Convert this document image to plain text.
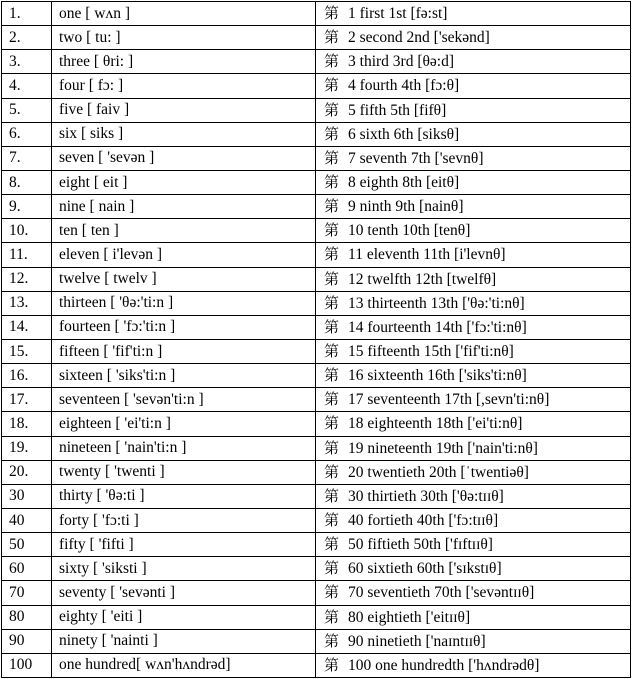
1.	one [ wʌn ]	第 1 first 1st [fə:st]
2.	two [ tu: ]	第 2 second 2nd ['sekənd]
3.	three [ θri: ]	第 3 third 3rd [θə:d]
4.	four [ fɔ: ]	第 4 fourth 4th [fɔ:θ]
5.	five [ faiv ]	第 5 fifth 5th [fifθ]
6.	six [ siks ]	第 6 sixth 6th [siksθ]
7.	seven [ 'sevən ]	第 7 seventh 7th ['sevnθ]
8.	eight [ eit ]	第 8 eighth 8th [eitθ]
9.	nine [ nain ]	第 9 ninth 9th [nainθ]
10.	ten [ ten ]	第 10 tenth 10th [tenθ]
11.	eleven [ i'levən ]	第 11 eleventh 11th [i'levnθ]
12.	twelve [ twelv ]	第 12 twelfth 12th [twelfθ]
13.	thirteen [ 'θə:'ti:n ]	第 13 thirteenth 13th ['θə:'ti:nθ]
14.	fourteen [ 'fɔ:'ti:n ]	第 14 fourteenth 14th ['fɔ:'ti:nθ]
15.	fifteen [ 'fif'ti:n ]	第 15 fifteenth 15th ['fif'ti:nθ]
16.	sixteen [ 'siks'ti:n ]	第 16 sixteenth 16th ['siks'ti:nθ]
17.	seventeen [ 'sevən'ti:n ]	第 17 seventeenth 17th [,sevn'ti:nθ]
18.	eighteen [ 'ei'ti:n ]	第 18 eighteenth 18th ['ei'ti:nθ]
19.	nineteen [ 'nain'ti:n ]	第 19 nineteenth 19th ['nain'ti:nθ]
20.	twenty [ 'twenti ]	第 20 twentieth 20th [ˈtwentiəθ]
30	thirty [ 'θə:ti ]	第 30 thirtieth 30th ['θə:tɪɪθ]
40	forty [ 'fɔ:ti ]	第 40 fortieth 40th ['fɔ:tɪɪθ]
50	fifty [ 'fifti ]	第 50 fiftieth 50th ['fɪftɪɪθ]
60	sixty [ 'siksti ]	第 60 sixtieth 60th ['sɪkstɪθ]
70	seventy [ 'sevənti ]	第 70 seventieth 70th ['sevəntɪɪθ]
80	eighty [ 'eiti ]	第 80 eightieth ['eitɪɪθ]
90	ninety [ 'nainti ]	第 90 ninetieth ['naɪntɪɪθ]
100	one hundred[ wʌn'hʌndrəd]	第 100 one hundredth ['hʌndrədθ]
